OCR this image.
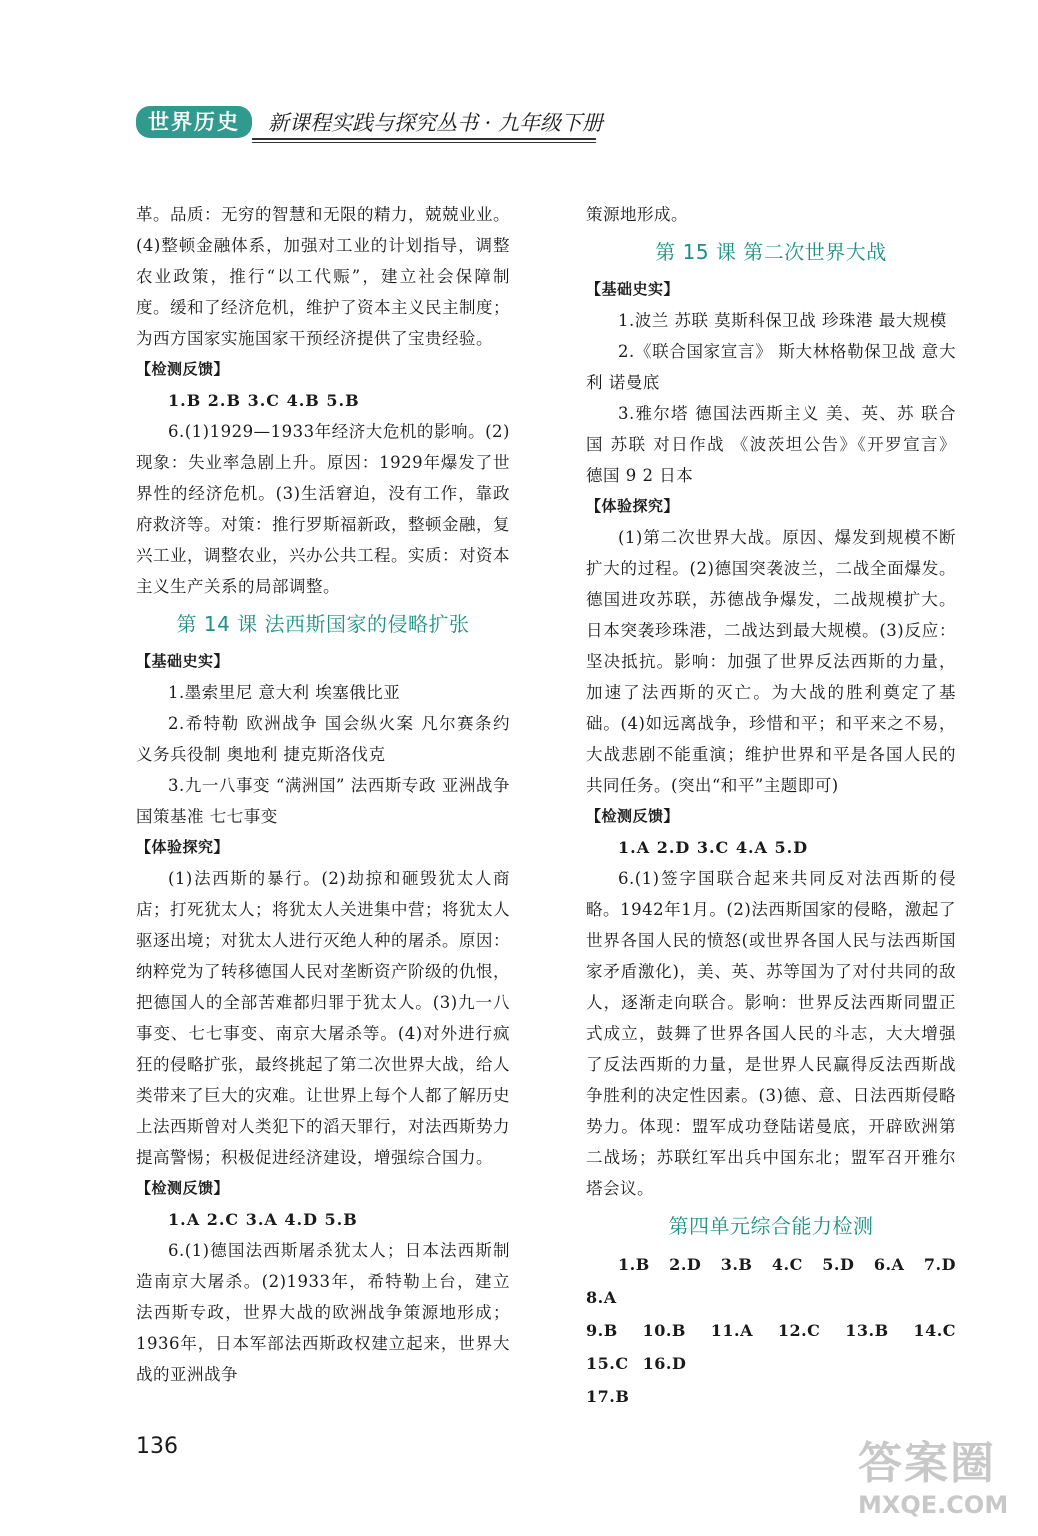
世界历史	新课程实践与探究丛书 · 九年级下册

革。品质：无穷的智慧和无限的精力，兢兢业业。(4)整顿金融体系，加强对工业的计划指导，调整农业政策，推行“以工代赈”，建立社会保障制度。缓和了经济危机，维护了资本主义民主制度；为西方国家实施国家干预经济提供了宝贵经验。

【检测反馈】

1.B 2.B 3.C 4.B 5.B

6.(1)1929—1933年经济大危机的影响。(2)现象：失业率急剧上升。原因：1929年爆发了世界性的经济危机。(3)生活窘迫，没有工作，靠政府救济等。对策：推行罗斯福新政，整顿金融，复兴工业，调整农业，兴办公共工程。实质：对资本主义生产关系的局部调整。

第 14 课 法西斯国家的侵略扩张

【基础史实】

1.墨索里尼 意大利 埃塞俄比亚

2.希特勒 欧洲战争 国会纵火案 凡尔赛条约 义务兵役制 奥地利 捷克斯洛伐克

3.九一八事变 “满洲国” 法西斯专政 亚洲战争 国策基准 七七事变

【体验探究】

(1)法西斯的暴行。(2)劫掠和砸毁犹太人商店；打死犹太人；将犹太人关进集中营；将犹太人驱逐出境；对犹太人进行灭绝人种的屠杀。原因：纳粹党为了转移德国人民对垄断资产阶级的仇恨，把德国人的全部苦难都归罪于犹太人。(3)九一八事变、七七事变、南京大屠杀等。(4)对外进行疯狂的侵略扩张，最终挑起了第二次世界大战，给人类带来了巨大的灾难。让世界上每个人都了解历史上法西斯曾对人类犯下的滔天罪行，对法西斯势力提高警惕；积极促进经济建设，增强综合国力。

【检测反馈】

1.A 2.C 3.A 4.D 5.B

6.(1)德国法西斯屠杀犹太人；日本法西斯制造南京大屠杀。(2)1933年，希特勒上台，建立法西斯专政，世界大战的欧洲战争策源地形成；1936年，日本军部法西斯政权建立起来，世界大战的亚洲战争

策源地形成。

第 15 课 第二次世界大战

【基础史实】

1.波兰 苏联 莫斯科保卫战 珍珠港 最大规模

2.《联合国家宣言》 斯大林格勒保卫战 意大利 诺曼底

3.雅尔塔 德国法西斯主义 美、英、苏 联合国 苏联 对日作战 《波茨坦公告》《开罗宣言》 德国 9 2 日本

【体验探究】

(1)第二次世界大战。原因、爆发到规模不断扩大的过程。(2)德国突袭波兰，二战全面爆发。德国进攻苏联，苏德战争爆发，二战规模扩大。日本突袭珍珠港，二战达到最大规模。(3)反应：坚决抵抗。影响：加强了世界反法西斯的力量，加速了法西斯的灭亡。为大战的胜利奠定了基础。(4)如远离战争，珍惜和平；和平来之不易，大战悲剧不能重演；维护世界和平是各国人民的共同任务。(突出“和平”主题即可)

【检测反馈】

1.A 2.D 3.C 4.A 5.D

6.(1)签字国联合起来共同反对法西斯的侵略。1942年1月。(2)法西斯国家的侵略，激起了世界各国人民的愤怒(或世界各国人民与法西斯国家矛盾激化)，美、英、苏等国为了对付共同的敌人，逐渐走向联合。影响：世界反法西斯同盟正式成立，鼓舞了世界各国人民的斗志，大大增强了反法西斯的力量，是世界人民赢得反法西斯战争胜利的决定性因素。(3)德、意、日法西斯侵略势力。体现：盟军成功登陆诺曼底，开辟欧洲第二战场；苏联红军出兵中国东北；盟军召开雅尔塔会议。

第四单元综合能力检测

1.B 2.D 3.B 4.C 5.D 6.A 7.D 8.A

9.B 10.B 11.A 12.C 13.B 14.C 15.C 16.D

17.B

136	答案圈
MXQE.COM
